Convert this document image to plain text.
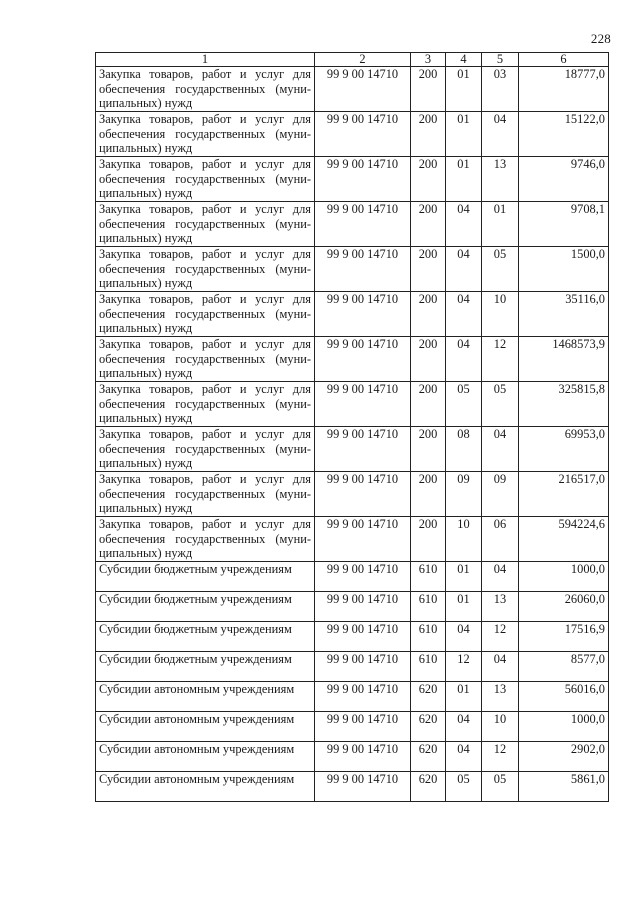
228
1	2	3	4	5	6
Закупка товаров, работ и услуг для обеспечения государственных (муниципальных) нужд	99 9 00 14710	200	01	03	18777,0
Закупка товаров, работ и услуг для обеспечения государственных (муниципальных) нужд	99 9 00 14710	200	01	04	15122,0
Закупка товаров, работ и услуг для обеспечения государственных (муниципальных) нужд	99 9 00 14710	200	01	13	9746,0
Закупка товаров, работ и услуг для обеспечения государственных (муниципальных) нужд	99 9 00 14710	200	04	01	9708,1
Закупка товаров, работ и услуг для обеспечения государственных (муниципальных) нужд	99 9 00 14710	200	04	05	1500,0
Закупка товаров, работ и услуг для обеспечения государственных (муниципальных) нужд	99 9 00 14710	200	04	10	35116,0
Закупка товаров, работ и услуг для обеспечения государственных (муниципальных) нужд	99 9 00 14710	200	04	12	1468573,9
Закупка товаров, работ и услуг для обеспечения государственных (муниципальных) нужд	99 9 00 14710	200	05	05	325815,8
Закупка товаров, работ и услуг для обеспечения государственных (муниципальных) нужд	99 9 00 14710	200	08	04	69953,0
Закупка товаров, работ и услуг для обеспечения государственных (муниципальных) нужд	99 9 00 14710	200	09	09	216517,0
Закупка товаров, работ и услуг для обеспечения государственных (муниципальных) нужд	99 9 00 14710	200	10	06	594224,6
Субсидии бюджетным учреждениям	99 9 00 14710	610	01	04	1000,0
Субсидии бюджетным учреждениям	99 9 00 14710	610	01	13	26060,0
Субсидии бюджетным учреждениям	99 9 00 14710	610	04	12	17516,9
Субсидии бюджетным учреждениям	99 9 00 14710	610	12	04	8577,0
Субсидии автономным учреждениям	99 9 00 14710	620	01	13	56016,0
Субсидии автономным учреждениям	99 9 00 14710	620	04	10	1000,0
Субсидии автономным учреждениям	99 9 00 14710	620	04	12	2902,0
Субсидии автономным учреждениям	99 9 00 14710	620	05	05	5861,0
